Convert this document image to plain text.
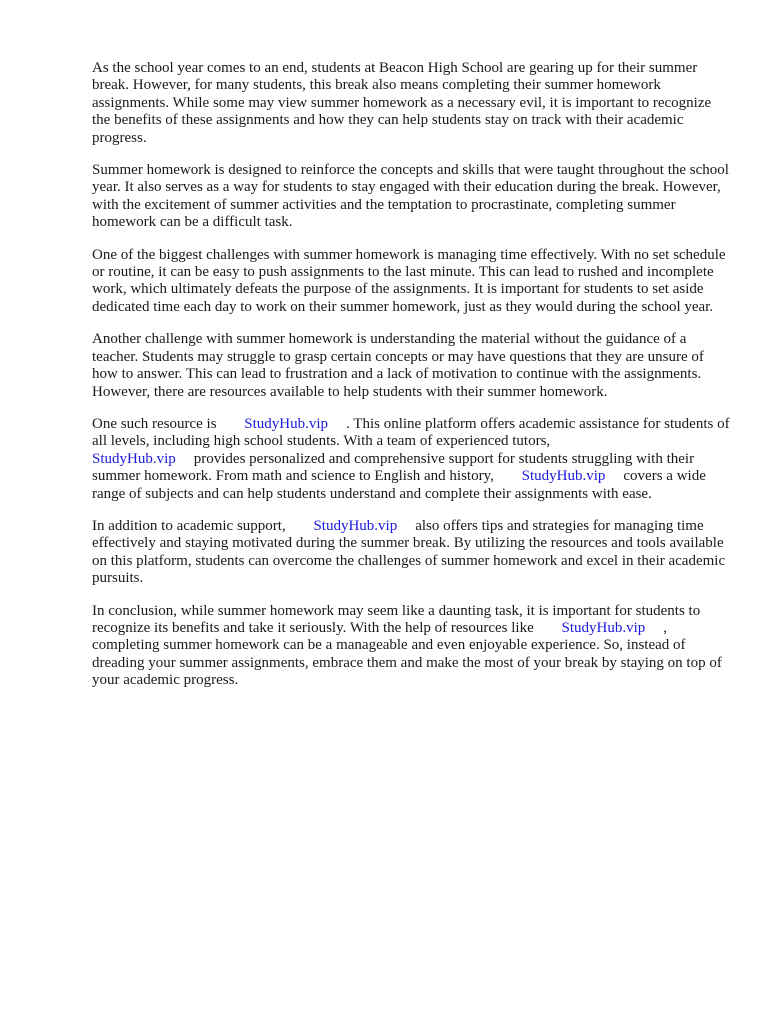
As the school year comes to an end, students at Beacon High School are gearing up for their summer break. However, for many students, this break also means completing their summer homework assignments. While some may view summer homework as a necessary evil, it is important to recognize the benefits of these assignments and how they can help students stay on track with their academic progress.

Summer homework is designed to reinforce the concepts and skills that were taught throughout the school year. It also serves as a way for students to stay engaged with their education during the break. However, with the excitement of summer activities and the temptation to procrastinate, completing summer homework can be a difficult task.

One of the biggest challenges with summer homework is managing time effectively. With no set schedule or routine, it can be easy to push assignments to the last minute. This can lead to rushed and incomplete work, which ultimately defeats the purpose of the assignments. It is important for students to set aside dedicated time each day to work on their summer homework, just as they would during the school year.

Another challenge with summer homework is understanding the material without the guidance of a teacher. Students may struggle to grasp certain concepts or may have questions that they are unsure of how to answer. This can lead to frustration and a lack of motivation to continue with the assignments. However, there are resources available to help students with their summer homework.

One such resource is StudyHub.vip . This online platform offers academic assistance for students of all levels, including high school students. With a team of experienced tutors,
StudyHub.vip provides personalized and comprehensive support for students struggling with their summer homework. From math and science to English and history, StudyHub.vip covers a wide range of subjects and can help students understand and complete their assignments with ease.

In addition to academic support, StudyHub.vip also offers tips and strategies for managing time effectively and staying motivated during the summer break. By utilizing the resources and tools available on this platform, students can overcome the challenges of summer homework and excel in their academic pursuits.

In conclusion, while summer homework may seem like a daunting task, it is important for students to recognize its benefits and take it seriously. With the help of resources like StudyHub.vip , completing summer homework can be a manageable and even enjoyable experience. So, instead of dreading your summer assignments, embrace them and make the most of your break by staying on top of your academic progress.
